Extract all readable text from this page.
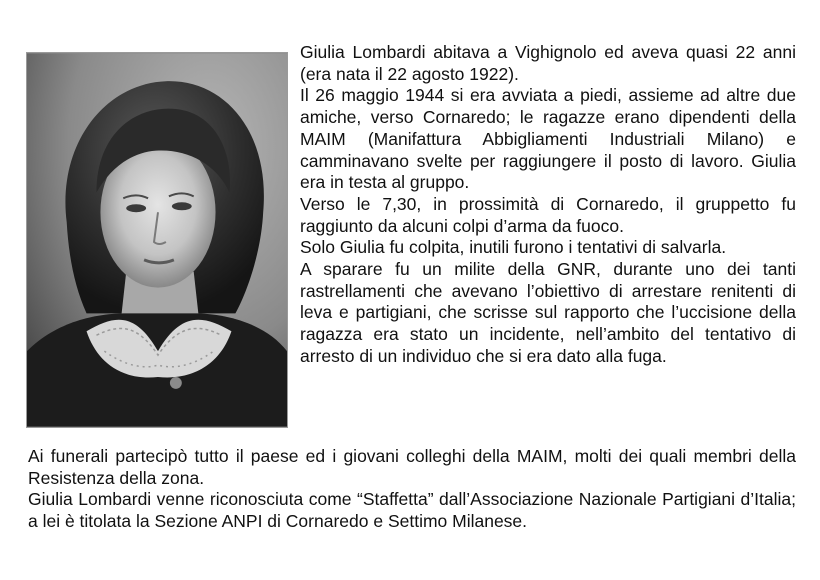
Giulia Lombardi abitava a Vighignolo ed aveva quasi 22 anni (era nata il 22 agosto 1922).

Il 26 maggio 1944 si era avviata a piedi, assieme ad altre due amiche, verso Cornaredo; le ragazze erano dipendenti della MAIM (Manifattura Abbigliamenti Industriali Milano) e camminavano svelte per raggiungere il posto di lavoro. Giulia era in testa al gruppo.

Verso le 7,30, in prossimità di Cornaredo, il gruppetto fu raggiunto da alcuni colpi d’arma da fuoco.

Solo Giulia fu colpita, inutili furono i tentativi di salvarla.

A sparare fu un milite della GNR, durante uno dei tanti rastrellamenti che avevano l’obiettivo di arrestare renitenti di leva e partigiani, che scrisse sul rapporto che l’uccisione della ragazza era stato un incidente, nell’ambito del tentativo di arresto di un individuo che si era dato alla fuga.

Ai funerali partecipò tutto il paese ed i giovani colleghi della MAIM, molti dei quali membri della Resistenza della zona.

Giulia Lombardi venne riconosciuta come “Staffetta” dall’Associazione Nazionale Partigiani d’Italia; a lei è titolata la Sezione ANPI di Cornaredo e Settimo Milanese.
